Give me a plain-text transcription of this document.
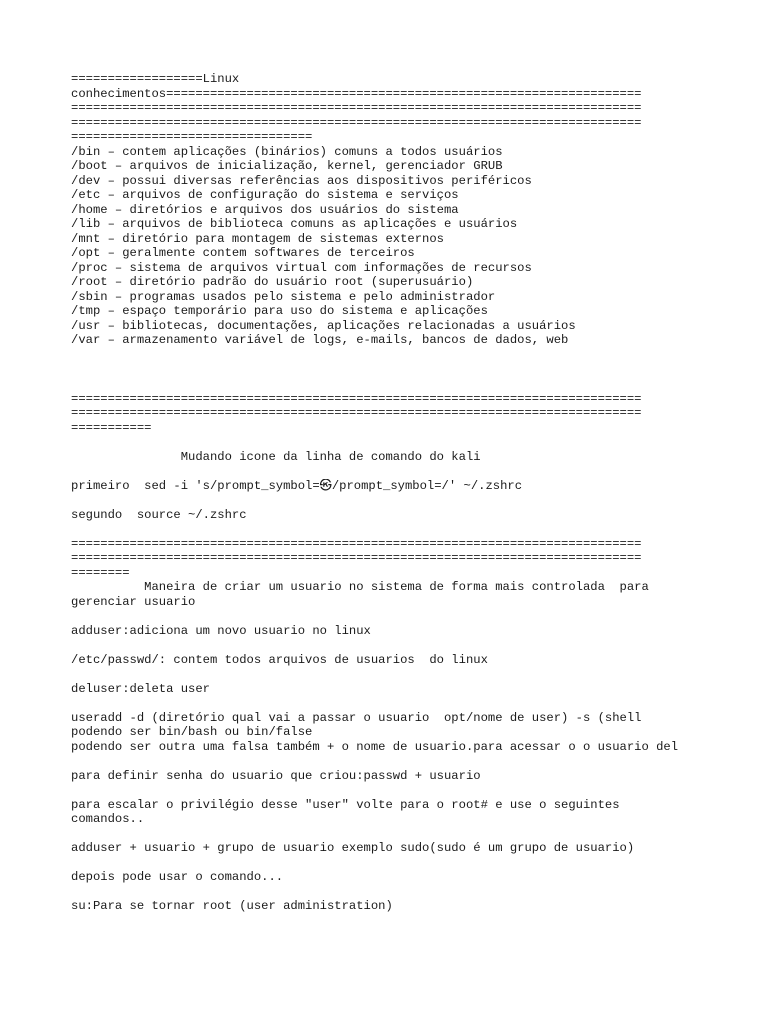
==================Linux
conhecimentos=================================================================
==============================================================================
==============================================================================
=================================
/bin – contem aplicações (binários) comuns a todos usuários
/boot – arquivos de inicialização, kernel, gerenciador GRUB
/dev – possui diversas referências aos dispositivos periféricos
/etc – arquivos de configuração do sistema e serviços
/home – diretórios e arquivos dos usuários do sistema
/lib – arquivos de biblioteca comuns as aplicações e usuários
/mnt – diretório para montagem de sistemas externos
/opt – geralmente contem softwares de terceiros
/proc – sistema de arquivos virtual com informações de recursos
/root – diretório padrão do usuário root (superusuário)
/sbin – programas usados pelo sistema e pelo administrador
/tmp – espaço temporário para uso do sistema e aplicações
/usr – bibliotecas, documentações, aplicações relacionadas a usuários
/var – armazenamento variável de logs, e-mails, bancos de dados, web
==============================================================================
==============================================================================
===========
Mudando icone da linha de comando do kali
primeiro  sed -i 's/prompt_symbol=㉿/prompt_symbol=/' ~/.zshrc
segundo  source ~/.zshrc
==============================================================================
==============================================================================
========
Maneira de criar um usuario no sistema de forma mais controlada  para
gerenciar usuario
adduser:adiciona um novo usuario no linux
/etc/passwd/: contem todos arquivos de usuarios  do linux
deluser:deleta user
useradd -d (diretório qual vai a passar o usuario  opt/nome de user) -s (shell
podendo ser bin/bash ou bin/false
podendo ser outra uma falsa também + o nome de usuario.para acessar o o usuario del
para definir senha do usuario que criou:passwd + usuario
para escalar o privilégio desse "user" volte para o root# e use o seguintes
comandos..
adduser + usuario + grupo de usuario exemplo sudo(sudo é um grupo de usuario)
depois pode usar o comando...
su:Para se tornar root (user administration)
